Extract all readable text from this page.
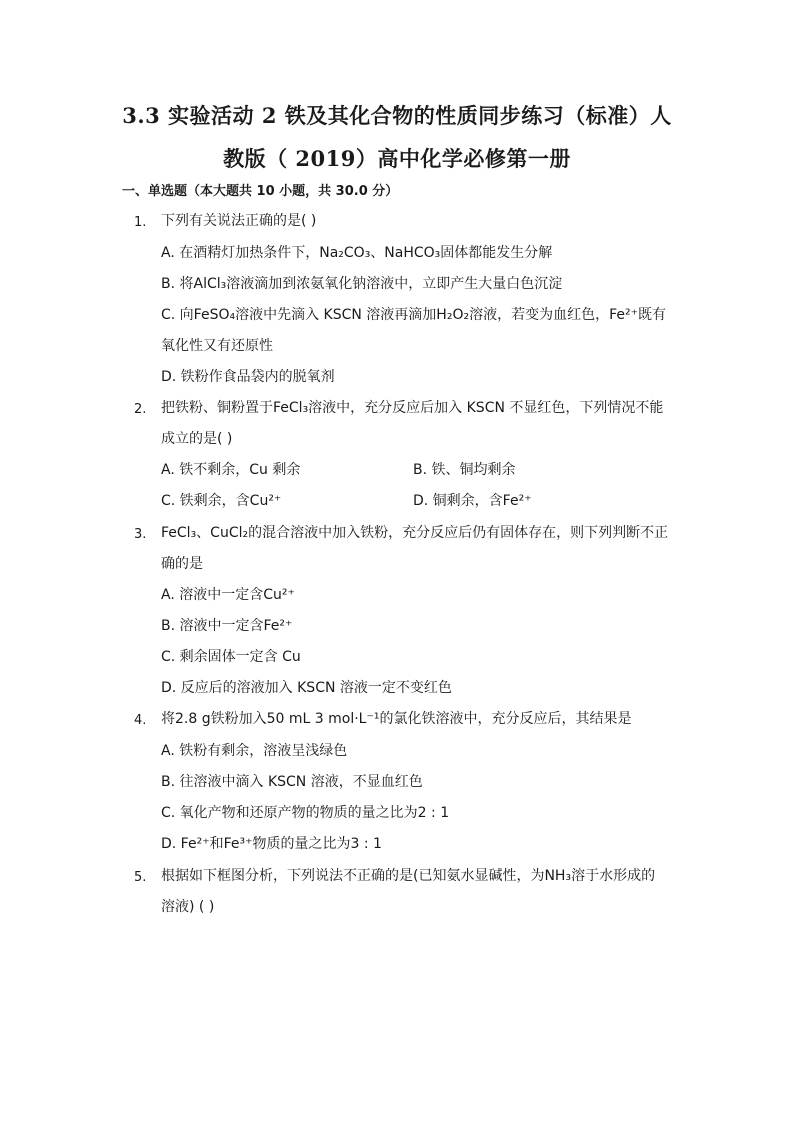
3.3 实验活动 2 铁及其化合物的性质同步练习（标准）人
教版（ 2019）高中化学必修第一册
一、单选题（本大题共 10 小题，共 30.0 分）
1. 下列有关说法正确的是( )
A. 在酒精灯加热条件下，Na₂CO₃、NaHCO₃固体都能发生分解
B. 将AlCl₃溶液滴加到浓氨氧化钠溶液中，立即产生大量白色沉淀
C. 向FeSO₄溶液中先滴入 KSCN 溶液再滴加H₂O₂溶液，若变为血红色，Fe²⁺既有
氧化性又有还原性
D. 铁粉作食品袋内的脱氧剂
2. 把铁粉、铜粉置于FeCl₃溶液中，充分反应后加入 KSCN 不显红色，下列情况不能
成立的是( )
A. 铁不剩余，Cu 剩余	B. 铁、铜均剩余
C. 铁剩余，含Cu²⁺	D. 铜剩余，含Fe²⁺
3. FeCl₃、CuCl₂的混合溶液中加入铁粉，充分反应后仍有固体存在，则下列判断不正
确的是
A. 溶液中一定含Cu²⁺
B. 溶液中一定含Fe²⁺
C. 剩余固体一定含 Cu
D. 反应后的溶液加入 KSCN 溶液一定不变红色
4. 将2.8 g铁粉加入50 mL 3 mol·L⁻¹的氯化铁溶液中，充分反应后，其结果是
A. 铁粉有剩余，溶液呈浅绿色
B. 往溶液中滴入 KSCN 溶液，不显血红色
C. 氧化产物和还原产物的物质的量之比为2 : 1
D. Fe²⁺和Fe³⁺物质的量之比为3 : 1
5. 根据如下框图分析，下列说法不正确的是(已知氨水显碱性，为NH₃溶于水形成的
溶液) ( )
